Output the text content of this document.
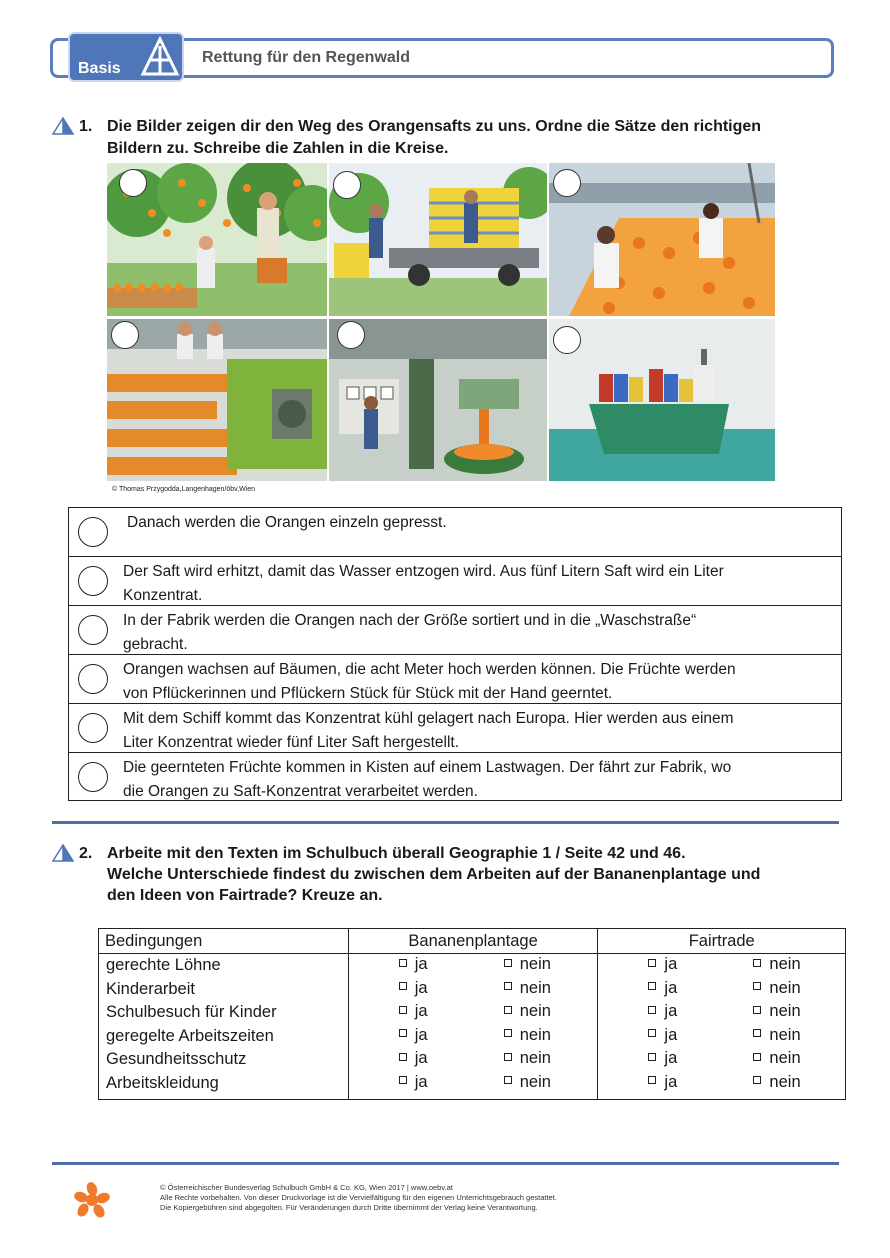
Basis
Rettung für den Regenwald
1. Die Bilder zeigen dir den Weg des Orangensafts zu uns. Ordne die Sätze den richtigen
Bildern zu. Schreibe die Zahlen in die Kreise.
© Thomas Przygodda,Langenhagen/öbv,Wien
Danach werden die Orangen einzeln gepresst.
Der Saft wird erhitzt, damit das Wasser entzogen wird. Aus fünf Litern Saft wird ein Liter
Konzentrat.
In der Fabrik werden die Orangen nach der Größe sortiert und in die „Waschstraße“
gebracht.
Orangen wachsen auf Bäumen, die acht Meter hoch werden können. Die Früchte werden
von Pflückerinnen und Pflückern Stück für Stück mit der Hand geerntet.
Mit dem Schiff kommt das Konzentrat kühl gelagert nach Europa. Hier werden aus einem
Liter Konzentrat wieder fünf Liter Saft hergestellt.
Die geernteten Früchte kommen in Kisten auf einem Lastwagen. Der fährt zur Fabrik, wo
die Orangen zu Saft-Konzentrat verarbeitet werden.
2. Arbeite mit den Texten im Schulbuch überall Geographie 1 / Seite 42 und 46.
Welche Unterschiede findest du zwischen dem Arbeiten auf der Bananenplantage und
den Ideen von Fairtrade? Kreuze an.
Bedingungen	Bananenplantage	Fairtrade
gerechte Löhne	ja nein	ja nein

Kinderarbeit	ja nein	ja nein

Schulbesuch für Kinder	ja nein	ja nein

geregelte Arbeitszeiten	ja nein	ja nein

Gesundheitsschutz	ja nein	ja nein

Arbeitskleidung	ja nein	ja nein
© Österreichischer Bundesverlag Schulbuch GmbH & Co. KG, Wien 2017 | www.oebv.at
Alle Rechte vorbehalten. Von dieser Druckvorlage ist die Vervielfältigung für den eigenen Unterrichtsgebrauch gestattet.
Die Kopiergebühren sind abgegolten. Für Veränderungen durch Dritte übernimmt der Verlag keine Verantwortung.
